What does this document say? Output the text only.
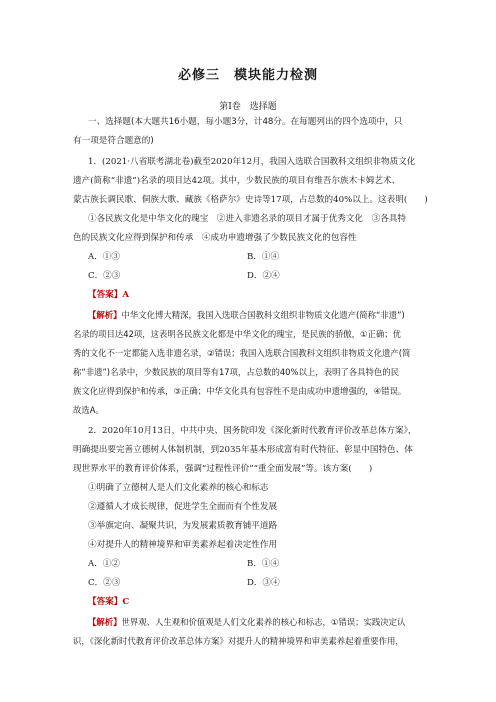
必修三　模块能力检测
第Ⅰ卷　选择题
一、选择题(本大题共16小题，每小题3分，计48分。在每题列出的四个选项中，只
有一项是符合题意的)
1．(2021·八省联考湖北卷)截至2020年12月，我国入选联合国教科文组织非物质文化
遗产(简称“非遗”)名录的项目达42项。其中，少数民族的项目有维吾尔族木卡姆艺术、
蒙古族长调民歌、侗族大歌、藏族《格萨尔》史诗等17项，占总数的40%以上。这表明(　　)
①各民族文化是中华文化的瑰宝　②进入非遗名录的项目才属于优秀文化　③各具特
色的民族文化应得到保护和传承　④成功申遗增强了少数民族文化的包容性
A．①③	B．①④
C．②③	D．②④
【答案】A
【解析】中华文化博大精深，我国入选联合国教科文组织非物质文化遗产(简称“非遗”)
名录的项目达42项，这表明各民族文化都是中华文化的瑰宝，是民族的骄傲，①正确；优
秀的文化不一定都能入选非遗名录，②错误；我国入选联合国教科文组织非物质文化遗产(简
称“非遗”)名录中，少数民族的项目等有17项，占总数的40%以上，表明了各具特色的民
族文化应得到保护和传承，③正确；中华文化具有包容性不是由成功申遗增强的，④错误。
故选A。
2．2020年10月13日，中共中央、国务院印发《深化新时代教育评价改革总体方案》，
明确提出要完善立德树人体制机制，到2035年基本形成富有时代特征、彰显中国特色、体
现世界水平的教育评价体系，强调“过程性评价”“重全面发展”等。该方案(　　)
①明确了立德树人是人们文化素养的核心和标志
②遵循人才成长规律，促进学生全面而有个性发展
③举旗定向、凝聚共识，为发展素质教育铺平道路
④对提升人的精神境界和审美素养起着决定性作用
A．①②	B．①④
C．②③	D．③④
【答案】C
【解析】世界观、人生观和价值观是人们文化素养的核心和标志，①错误；实践决定认
识，《深化新时代教育评价改革总体方案》对提升人的精神境界和审美素养起着重要作用，
